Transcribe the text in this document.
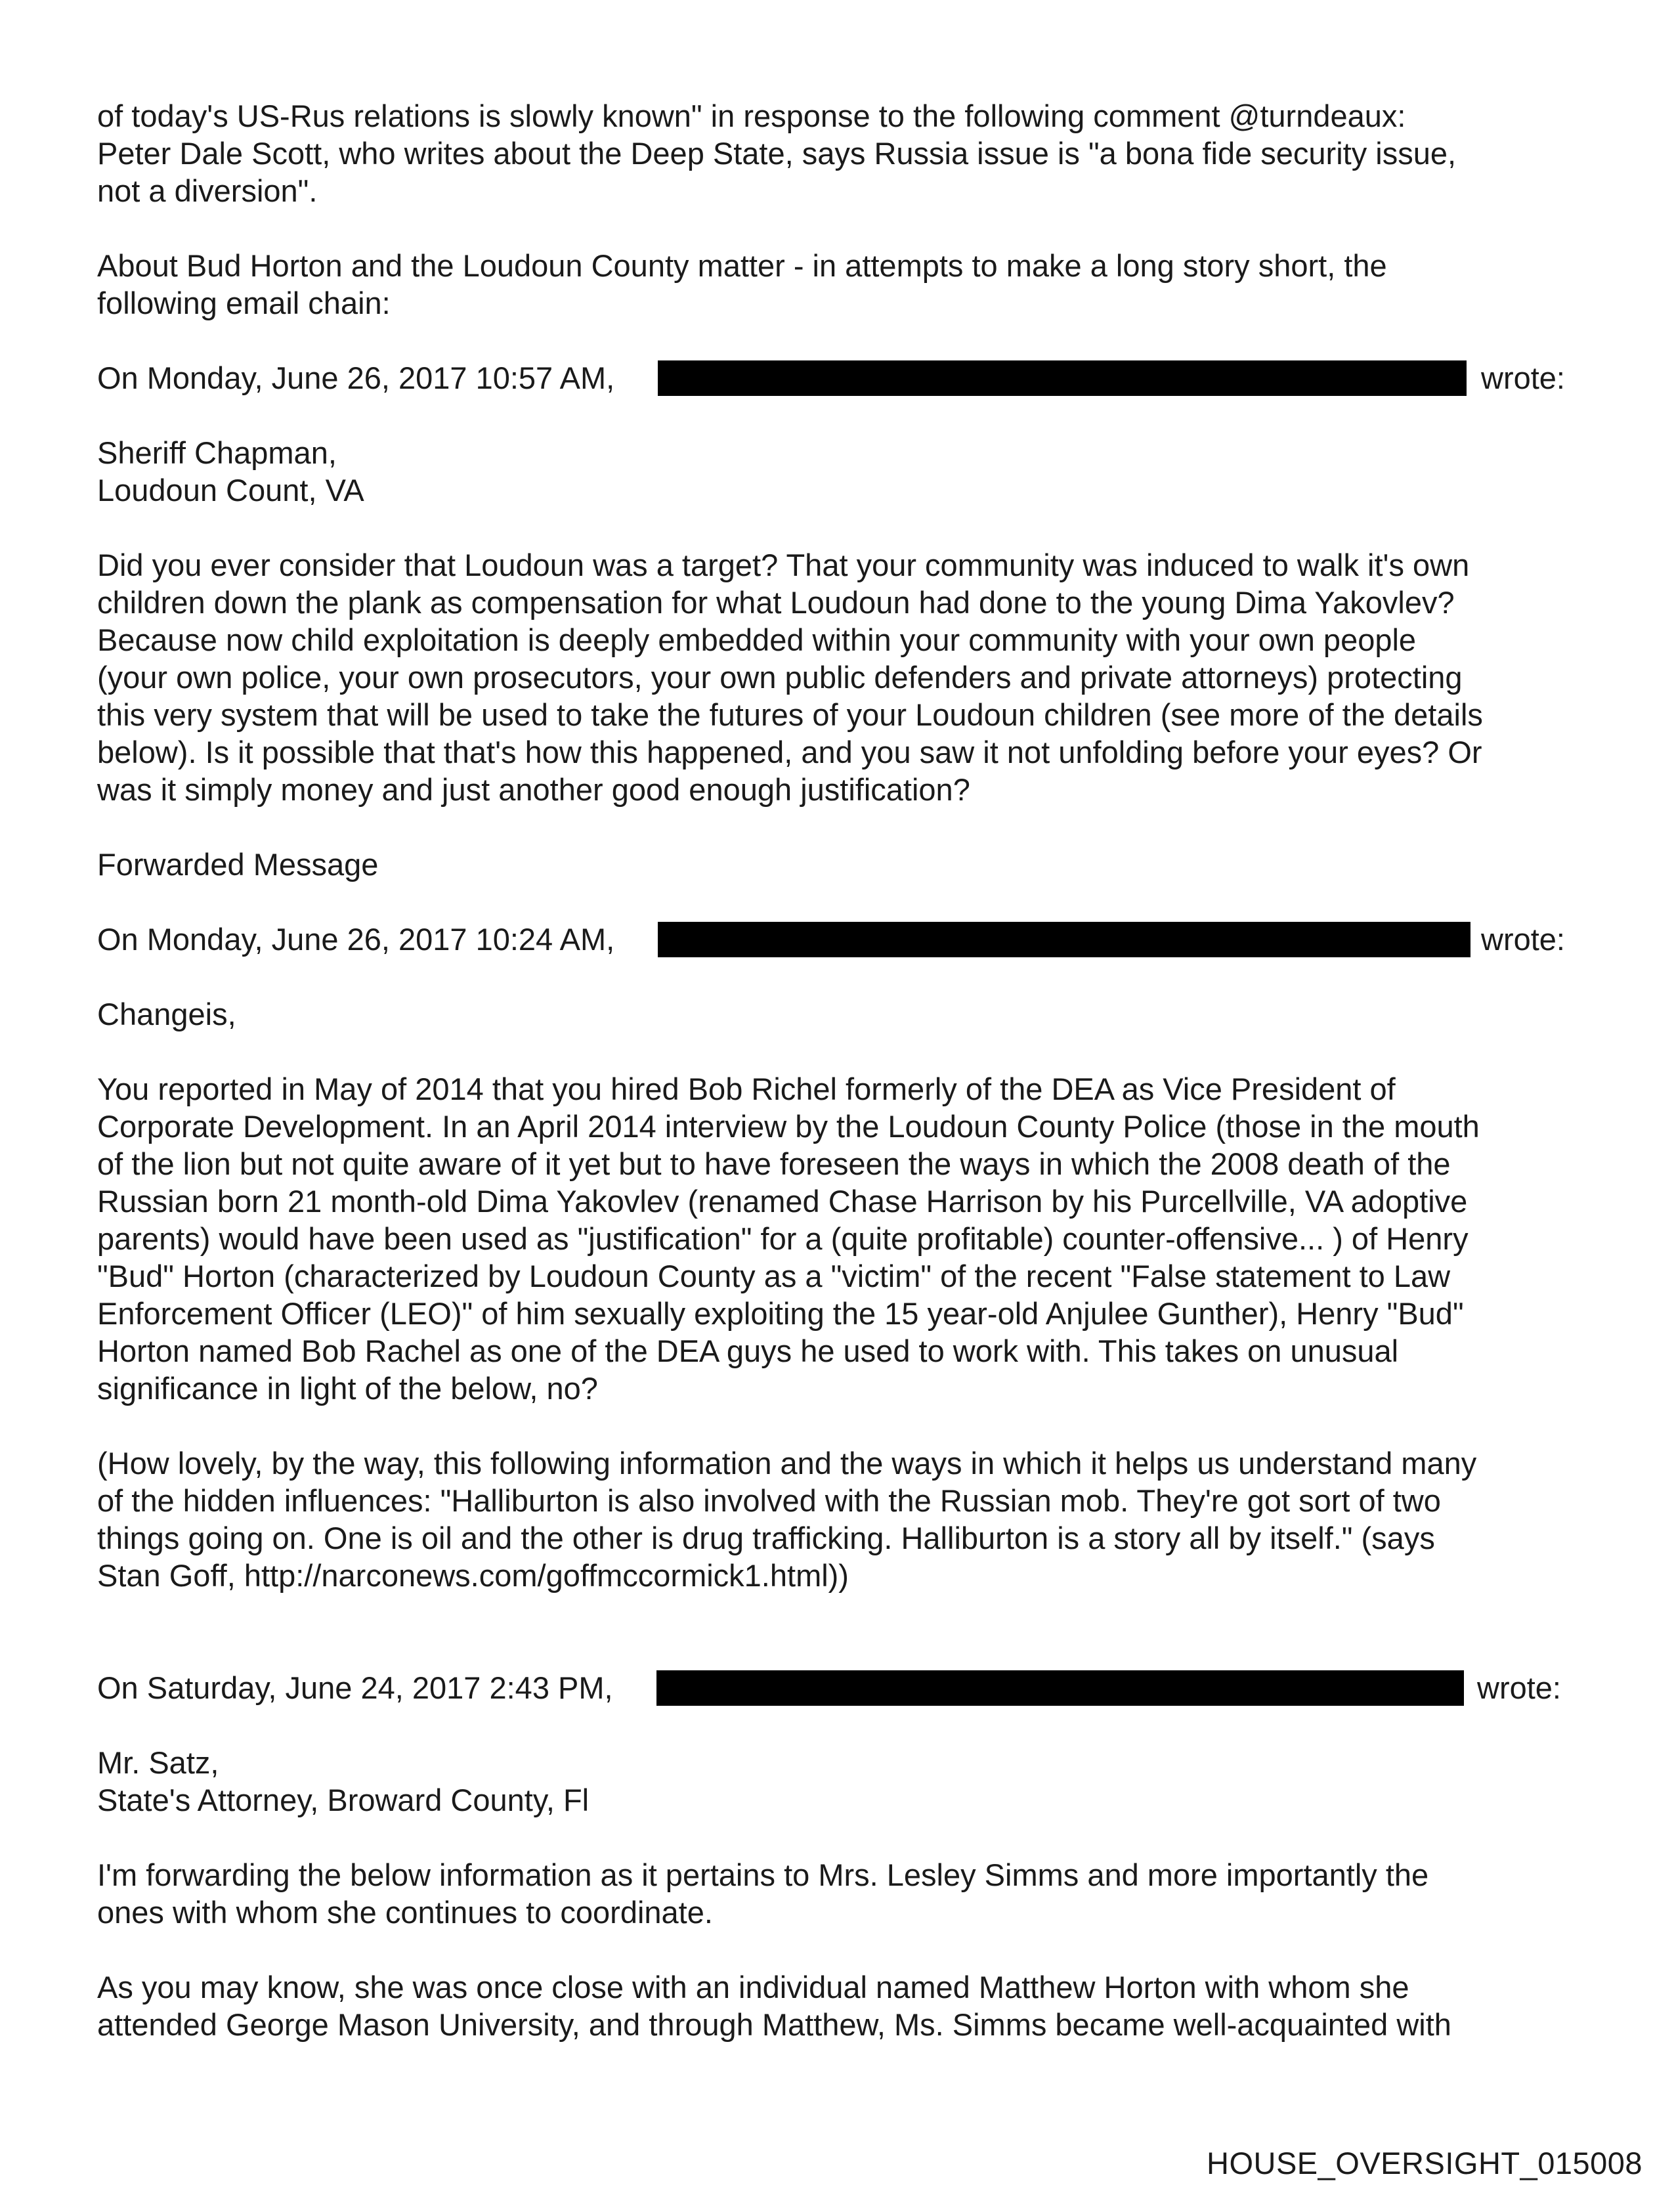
of today's US-Rus relations is slowly known" in response to the following comment @turndeaux:
Peter Dale Scott, who writes about the Deep State, says Russia issue is "a bona fide security issue,
not a diversion".

About Bud Horton and the Loudoun County matter - in attempts to make a long story short, the
following email chain:

On Monday, June 26, 2017 10:57 AM,	wrote:

Sheriff Chapman,
Loudoun Count, VA

Did you ever consider that Loudoun was a target? That your community was induced to walk it's own
children down the plank as compensation for what Loudoun had done to the young Dima Yakovlev?
Because now child exploitation is deeply embedded within your community with your own people
(your own police, your own prosecutors, your own public defenders and private attorneys) protecting
this very system that will be used to take the futures of your Loudoun children (see more of the details
below). Is it possible that that's how this happened, and you saw it not unfolding before your eyes? Or
was it simply money and just another good enough justification?

Forwarded Message

On Monday, June 26, 2017 10:24 AM,	wrote:

Changeis,

You reported in May of 2014 that you hired Bob Richel formerly of the DEA as Vice President of
Corporate Development. In an April 2014 interview by the Loudoun County Police (those in the mouth
of the lion but not quite aware of it yet but to have foreseen the ways in which the 2008 death of the
Russian born 21 month-old Dima Yakovlev (renamed Chase Harrison by his Purcellville, VA adoptive
parents) would have been used as "justification" for a (quite profitable) counter-offensive... ) of Henry
"Bud" Horton (characterized by Loudoun County as a "victim" of the recent "False statement to Law
Enforcement Officer (LEO)" of him sexually exploiting the 15 year-old Anjulee Gunther), Henry "Bud"
Horton named Bob Rachel as one of the DEA guys he used to work with. This takes on unusual
significance in light of the below, no?

(How lovely, by the way, this following information and the ways in which it helps us understand many
of the hidden influences: "Halliburton is also involved with the Russian mob. They're got sort of two
things going on. One is oil and the other is drug trafficking. Halliburton is a story all by itself." (says
Stan Goff, http://narconews.com/goffmccormick1.html))

On Saturday, June 24, 2017 2:43 PM,	wrote:

Mr. Satz,
State's Attorney, Broward County, Fl

I'm forwarding the below information as it pertains to Mrs. Lesley Simms and more importantly the
ones with whom she continues to coordinate.

As you may know, she was once close with an individual named Matthew Horton with whom she
attended George Mason University, and through Matthew, Ms. Simms became well-acquainted with

HOUSE_OVERSIGHT_015008
